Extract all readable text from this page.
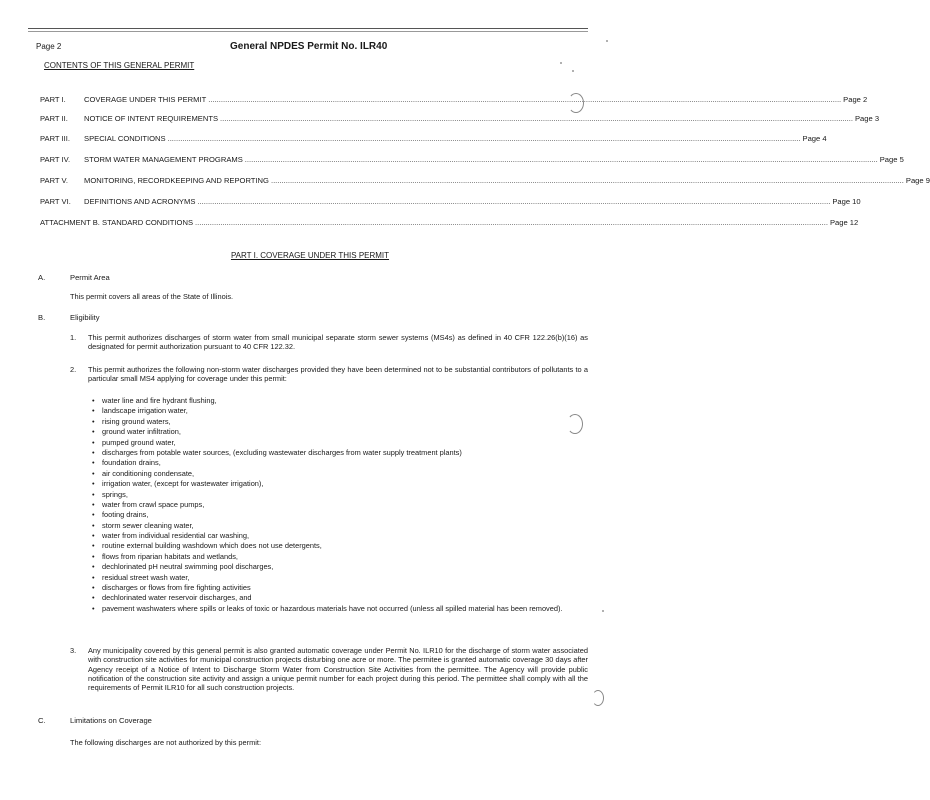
Page 2	General NPDES Permit No. ILR40
CONTENTS OF THIS GENERAL PERMIT
PART I.	COVERAGE UNDER THIS PERMIT ............................................................................................................................................................................................................................................................................................................ Page 2
PART II.	NOTICE OF INTENT REQUIREMENTS ............................................................................................................................................................................................................................................................................................................ Page 3
PART III.	SPECIAL CONDITIONS ............................................................................................................................................................................................................................................................................................................ Page 4
PART IV.	STORM WATER MANAGEMENT PROGRAMS ............................................................................................................................................................................................................................................................................................................ Page 5
PART V.	MONITORING, RECORDKEEPING AND REPORTING ............................................................................................................................................................................................................................................................................................................ Page 9
PART VI.	DEFINITIONS AND ACRONYMS ............................................................................................................................................................................................................................................................................................................ Page 10
ATTACHMENT B. STANDARD CONDITIONS ............................................................................................................................................................................................................................................................................................................ Page 12
PART I. COVERAGE UNDER THIS PERMIT
A.	Permit Area
This permit covers all areas of the State of Illinois.
B.	Eligibility
1. This permit authorizes discharges of storm water from small municipal separate storm sewer systems (MS4s) as defined in 40 CFR 122.26(b)(16) as designated for permit authorization pursuant to 40 CFR 122.32.
2. This permit authorizes the following non-storm water discharges provided they have been determined not to be substantial contributors of pollutants to a particular small MS4 applying for coverage under this permit:
• water line and fire hydrant flushing,
• landscape irrigation water,
• rising ground waters,
• ground water infiltration,
• pumped ground water,
• discharges from potable water sources, (excluding wastewater discharges from water supply treatment plants)
• foundation drains,
• air conditioning condensate,
• irrigation water, (except for wastewater irrigation),
• springs,
• water from crawl space pumps,
• footing drains,
• storm sewer cleaning water,
• water from individual residential car washing,
• routine external building washdown which does not use detergents,
• flows from riparian habitats and wetlands,
• dechlorinated pH neutral swimming pool discharges,
• residual street wash water,
• discharges or flows from fire fighting activities
• dechlorinated water reservoir discharges, and
• pavement washwaters where spills or leaks of toxic or hazardous materials have not occurred (unless all spilled material has been removed).
3. Any municipality covered by this general permit is also granted automatic coverage under Permit No. ILR10 for the discharge of storm water associated with construction site activities for municipal construction projects disturbing one acre or more. The permitee is granted automatic coverage 30 days after Agency receipt of a Notice of Intent to Discharge Storm Water from Construction Site Activities from the permittee. The Agency will provide public notification of the construction site activity and assign a unique permit number for each project during this period. The permittee shall comply with all the requirements of Permit ILR10 for all such construction projects.
C.	Limitations on Coverage
The following discharges are not authorized by this permit:
